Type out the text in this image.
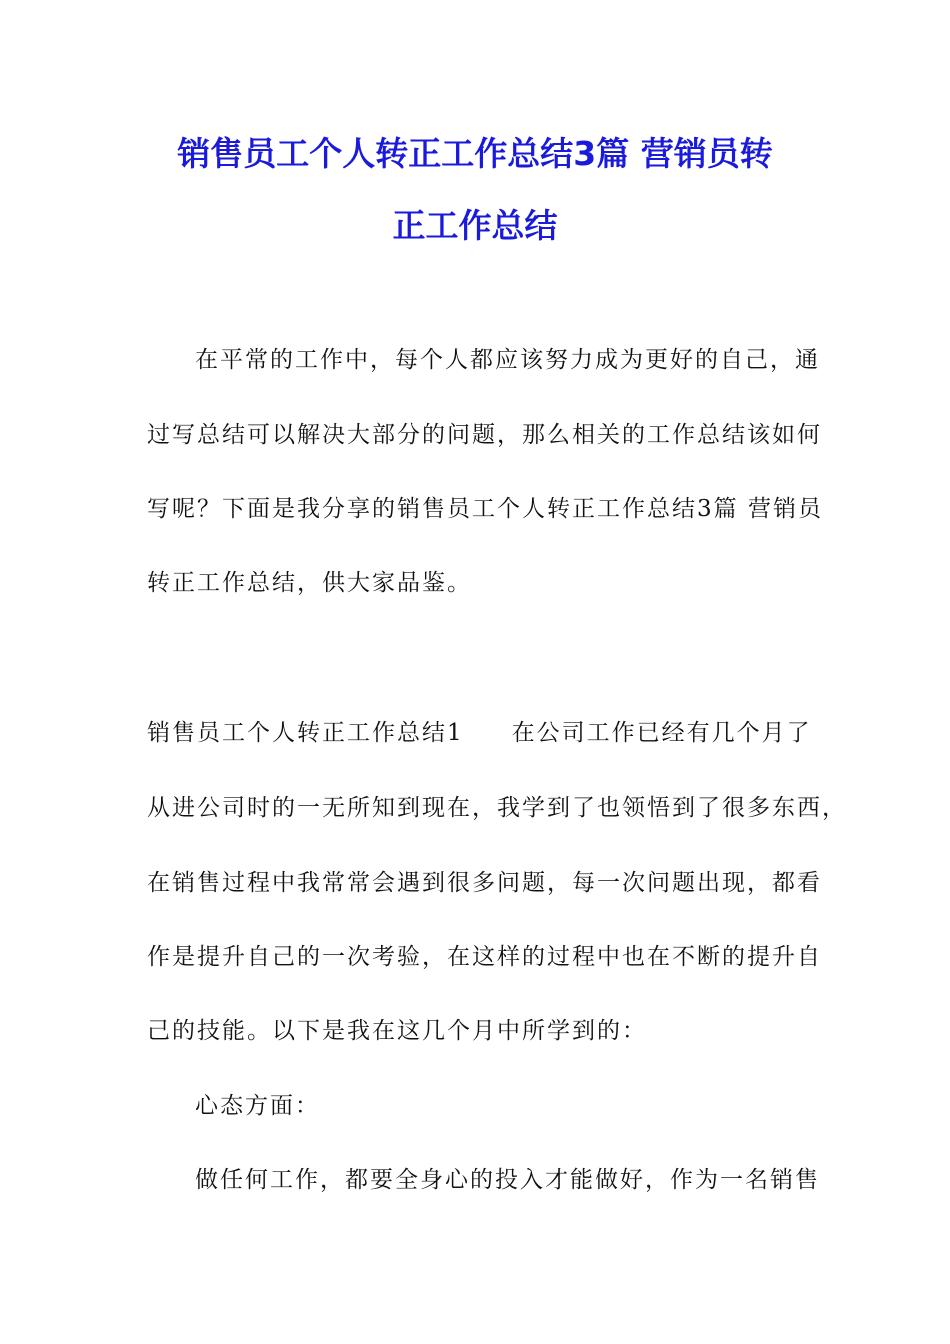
销售员工个人转正工作总结3篇 营销员转
正工作总结
在平常的工作中，每个人都应该努力成为更好的自己，通
过写总结可以解决大部分的问题，那么相关的工作总结该如何
写呢？下面是我分享的销售员工个人转正工作总结3篇 营销员
转正工作总结，供大家品鉴。
销售员工个人转正工作总结1 在公司工作已经有几个月了
从进公司时的一无所知到现在，我学到了也领悟到了很多东西，
在销售过程中我常常会遇到很多问题，每一次问题出现，都看
作是提升自己的一次考验，在这样的过程中也在不断的提升自
己的技能。以下是我在这几个月中所学到的：
心态方面：
做任何工作，都要全身心的投入才能做好，作为一名销售
